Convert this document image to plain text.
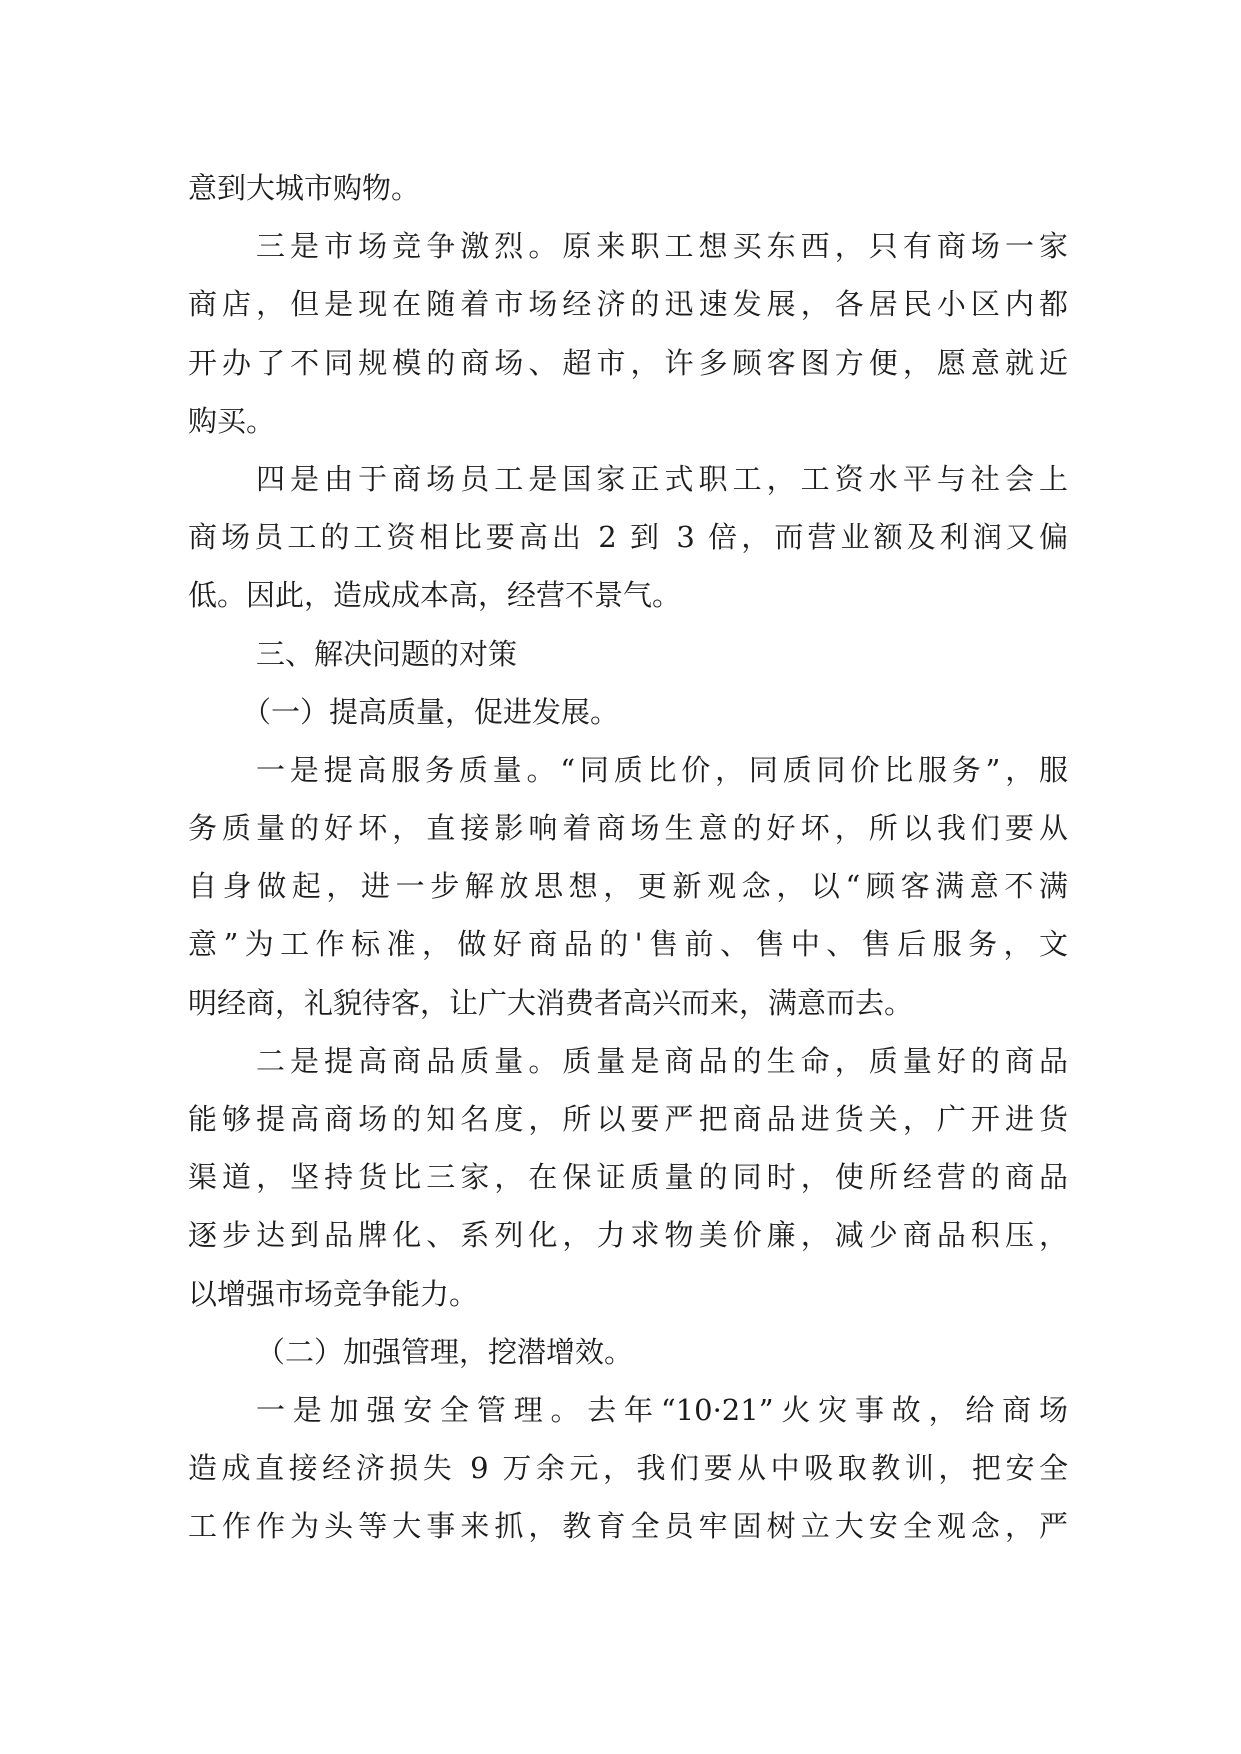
意到大城市购物。
三是市场竞争激烈。原来职工想买东西，只有商场一家
商店，但是现在随着市场经济的迅速发展，各居民小区内都
开办了不同规模的商场、超市，许多顾客图方便，愿意就近
购买。
四是由于商场员工是国家正式职工，工资水平与社会上
商场员工的工资相比要高出 2 到 3 倍，而营业额及利润又偏
低。因此，造成成本高，经营不景气。
三、解决问题的对策
（一）提高质量，促进发展。
一是提高服务质量。“同质比价，同质同价比服务”，服
务质量的好坏，直接影响着商场生意的好坏，所以我们要从
自身做起，进一步解放思想，更新观念，以“顾客满意不满
意”为工作标准，做好商品的'售前、售中、售后服务，文
明经商，礼貌待客，让广大消费者高兴而来，满意而去。
二是提高商品质量。质量是商品的生命，质量好的商品
能够提高商场的知名度，所以要严把商品进货关，广开进货
渠道，坚持货比三家，在保证质量的同时，使所经营的商品
逐步达到品牌化、系列化，力求物美价廉，减少商品积压，
以增强市场竞争能力。
（二）加强管理，挖潜增效。
一是加强安全管理。去年“10·21”火灾事故，给商场
造成直接经济损失 9 万余元，我们要从中吸取教训，把安全
工作作为头等大事来抓，教育全员牢固树立大安全观念，严
